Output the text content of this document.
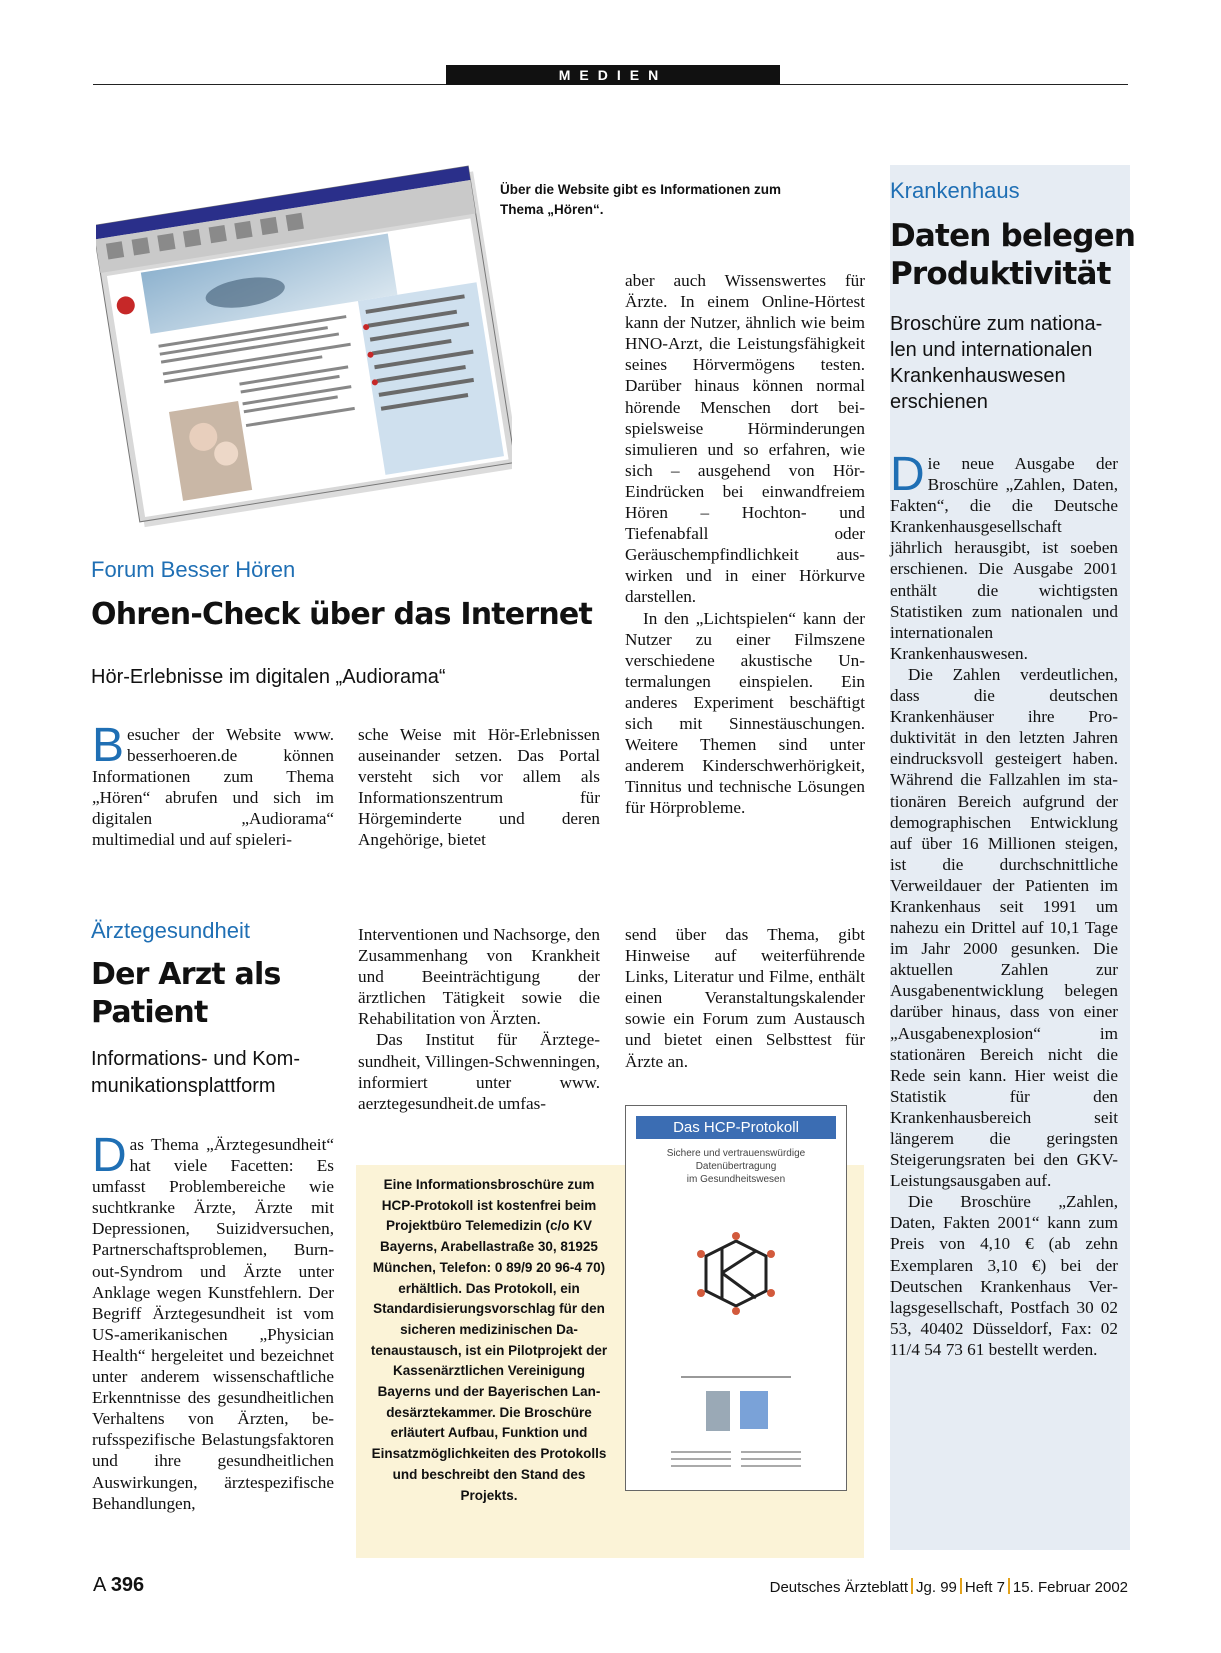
MEDIEN
Über die Website gibt es Informationen zum Thema „Hören“.
Forum Besser Hören
Ohren-Check über das Internet
Hör-Erlebnisse im digitalen „Audiorama“
Besucher der Website www. besserhoeren.de können Informationen zum Thema „Hören“ abrufen und sich im digitalen „Audiorama“ multimedial und auf spieleri-
sche Weise mit Hör-Erlebnissen auseinander setzen. Das Portal versteht sich vor allem als Informationszentrum für Hörgeminderte und deren Angehörige, bietet

aber auch Wissenswertes für Ärzte. In einem Online-Hörtest kann der Nutzer, ähnlich wie beim HNO-Arzt, die Leistungsfähigkeit seines Hörvermögens testen. Darüber hinaus können normal hörende Menschen dort beispielsweise Hörminderungen simulieren und so erfahren, wie sich – ausgehend von Hör-Eindrücken bei einwandfreiem Hören – Hochton- und Tiefenabfall oder Geräuschempfindlichkeit auswirken und in einer Hörkurve darstellen.

In den „Lichtspielen“ kann der Nutzer zu einer Filmszene verschiedene akustische Untermalungen einspielen. Ein anderes Experiment beschäftigt sich mit Sinnestäuschungen. Weitere Themen sind unter anderem Kinderschwerhörigkeit, Tinnitus und technische Lösungen für Hörprobleme.

Ärztegesundheit
Der Arzt als
Patient
Informations- und Kom-
munikationsplattform
Das Thema „Ärztegesundheit“ hat viele Facetten: Es umfasst Problembereiche wie suchtkranke Ärzte, Ärzte mit Depressionen, Suizidversuchen, Partnerschaftsproblemen, Burn-out-Syndrom und Ärzte unter Anklage wegen Kunstfehlern. Der Begriff Ärztegesundheit ist vom US-amerikanischen „Physician Health“ hergeleitet und bezeichnet unter anderem wissenschaftliche Erkenntnisse des gesundheitlichen Verhaltens von Ärzten, berufsspezifische Belastungsfaktoren und ihre gesundheitlichen Auswirkungen, ärztespezifische Behandlungen,

Interventionen und Nachsorge, den Zusammenhang von Krankheit und Beeinträchtigung der ärztlichen Tätigkeit sowie die Rehabilitation von Ärzten.

Das Institut für Ärztegesundheit, Villingen-Schwenningen, informiert unter www. aerztegesundheit.de umfas-

send über das Thema, gibt Hinweise auf weiterführende Links, Literatur und Filme, enthält einen Veranstaltungskalender sowie ein Forum zum Austausch und bietet einen Selbsttest für Ärzte an.
Eine Informationsbroschüre zum HCP-Protokoll ist kostenfrei beim Projektbüro Telemedizin (c/o KV Bayerns, Arabellastraße 30, 81925 München, Telefon: 0 89/9 20 96-4 70) erhältlich. Das Protokoll, ein Standardisierungsvorschlag für den sicheren medizinischen Datenaustausch, ist ein Pilotprojekt der Kassenärztlichen Vereinigung Bayerns und der Bayerischen Landesärztekammer. Die Broschüre erläutert Aufbau, Funktion und Einsatzmöglichkeiten des Protokolls und beschreibt den Stand des Projekts.
Das HCP-Protokoll
Sichere und vertrauenswürdige
Datenübertragung
im Gesundheitswesen
Krankenhaus
Daten belegen
Produktivität
Broschüre zum nationalen und internationalen Krankenhauswesen erschienen

Die neue Ausgabe der Broschüre „Zahlen, Daten, Fakten“, die die Deutsche Krankenhausgesellschaft jährlich herausgibt, ist soeben erschienen. Die Ausgabe 2001 enthält die wichtigsten Statistiken zum nationalen und internationalen Krankenhauswesen.

Die Zahlen verdeutlichen, dass die deutschen Krankenhäuser ihre Produktivität in den letzten Jahren eindrucksvoll gesteigert haben. Während die Fallzahlen im stationären Bereich aufgrund der demographischen Entwicklung auf über 16 Millionen steigen, ist die durchschnittliche Verweildauer der Patienten im Krankenhaus seit 1991 um nahezu ein Drittel auf 10,1 Tage im Jahr 2000 gesunken. Die aktuellen Zahlen zur Ausgabenentwicklung belegen darüber hinaus, dass von einer „Ausgabenexplosion“ im stationären Bereich nicht die Rede sein kann. Hier weist die Statistik für den Krankenhausbereich seit längerem die geringsten Steigerungsraten bei den GKV-Leistungsausgaben auf.

Die Broschüre „Zahlen, Daten, Fakten 2001“ kann zum Preis von 4,10 € (ab zehn Exemplaren 3,10 €) bei der Deutschen Krankenhaus Verlagsgesellschaft, Postfach 30 02 53, 40402 Düsseldorf, Fax: 02 11/4 54 73 61 bestellt werden.

A 396	Deutsches Ärzteblatt Jg. 99 Heft 7 15. Februar 2002
